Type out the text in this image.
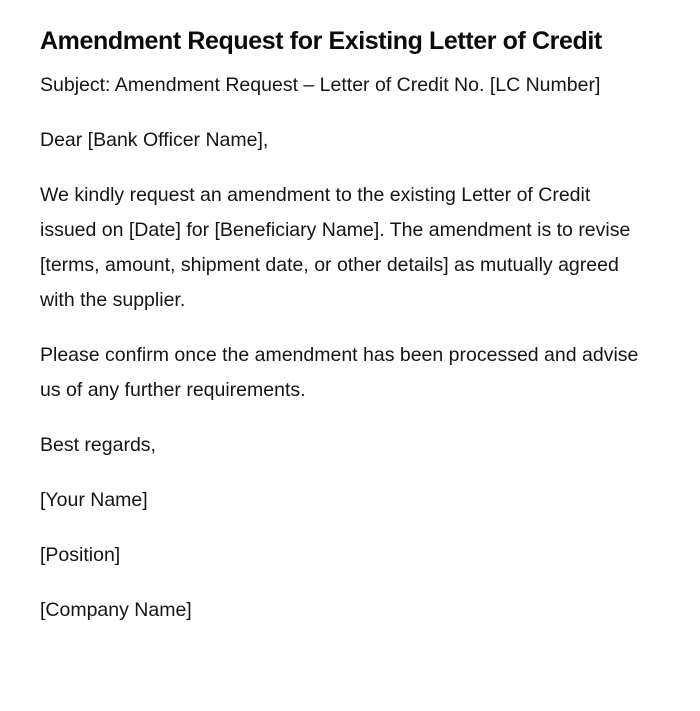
Amendment Request for Existing Letter of Credit

Subject: Amendment Request – Letter of Credit No. [LC Number]

Dear [Bank Officer Name],

We kindly request an amendment to the existing Letter of Credit issued on [Date] for [Beneficiary Name]. The amendment is to revise [terms, amount, shipment date, or other details] as mutually agreed with the supplier.

Please confirm once the amendment has been processed and advise us of any further requirements.

Best regards,

[Your Name]

[Position]

[Company Name]
